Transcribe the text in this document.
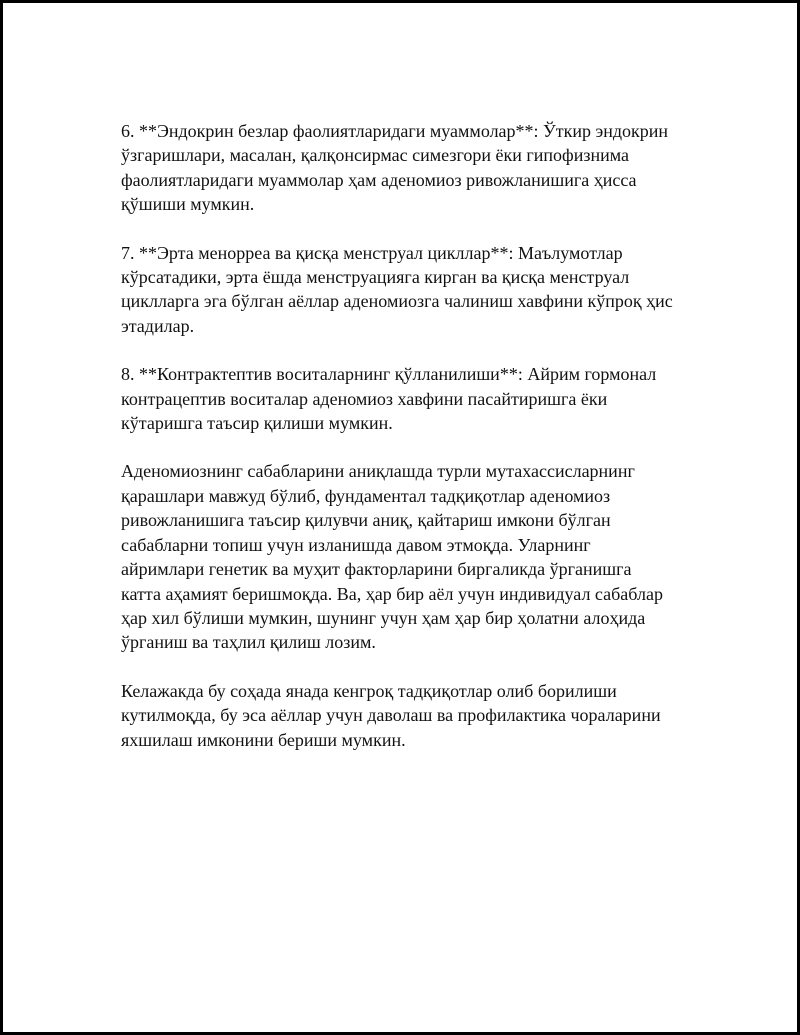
6. **Эндокрин безлар фаолиятларидаги муаммолар**: Ўткир эндокрин
ўзгаришлари, масалан, қалқонсирмас симезгори ёки гипофизнима
фаолиятларидаги муаммолар ҳам аденомиоз ривожланишига ҳисса
қўшиши мумкин.

7. **Эрта менорреа ва қисқа менструал цикллар**: Маълумотлар
кўрсатадики, эрта ёшда менструацияга кирган ва қисқа менструал
циклларга эга бўлган аёллар аденомиозга чалиниш хавфини кўпроқ ҳис
этадилар.

8. **Контрактептив воситаларнинг қўлланилиши**: Айрим гормонал
контрацептив воситалар аденомиоз хавфини пасайтиришга ёки
кўтаришга таъсир қилиши мумкин.

Аденомиознинг сабабларини аниқлашда турли мутахассисларнинг
қарашлари мавжуд бўлиб, фундаментал тадқиқотлар аденомиоз
ривожланишига таъсир қилувчи аниқ, қайтариш имкони бўлган
сабабларни топиш учун изланишда давом этмоқда. Уларнинг
айримлари генетик ва муҳит факторларини биргаликда ўрганишга
катта аҳамият беришмоқда. Ва, ҳар бир аёл учун индивидуал сабаблар
ҳар хил бўлиши мумкин, шунинг учун ҳам ҳар бир ҳолатни алоҳида
ўрганиш ва таҳлил қилиш лозим.

Келажакда бу соҳада янада кенгроқ тадқиқотлар олиб борилиши
кутилмоқда, бу эса аёллар учун даволаш ва профилактика чораларини
яхшилаш имконини бериши мумкин.
